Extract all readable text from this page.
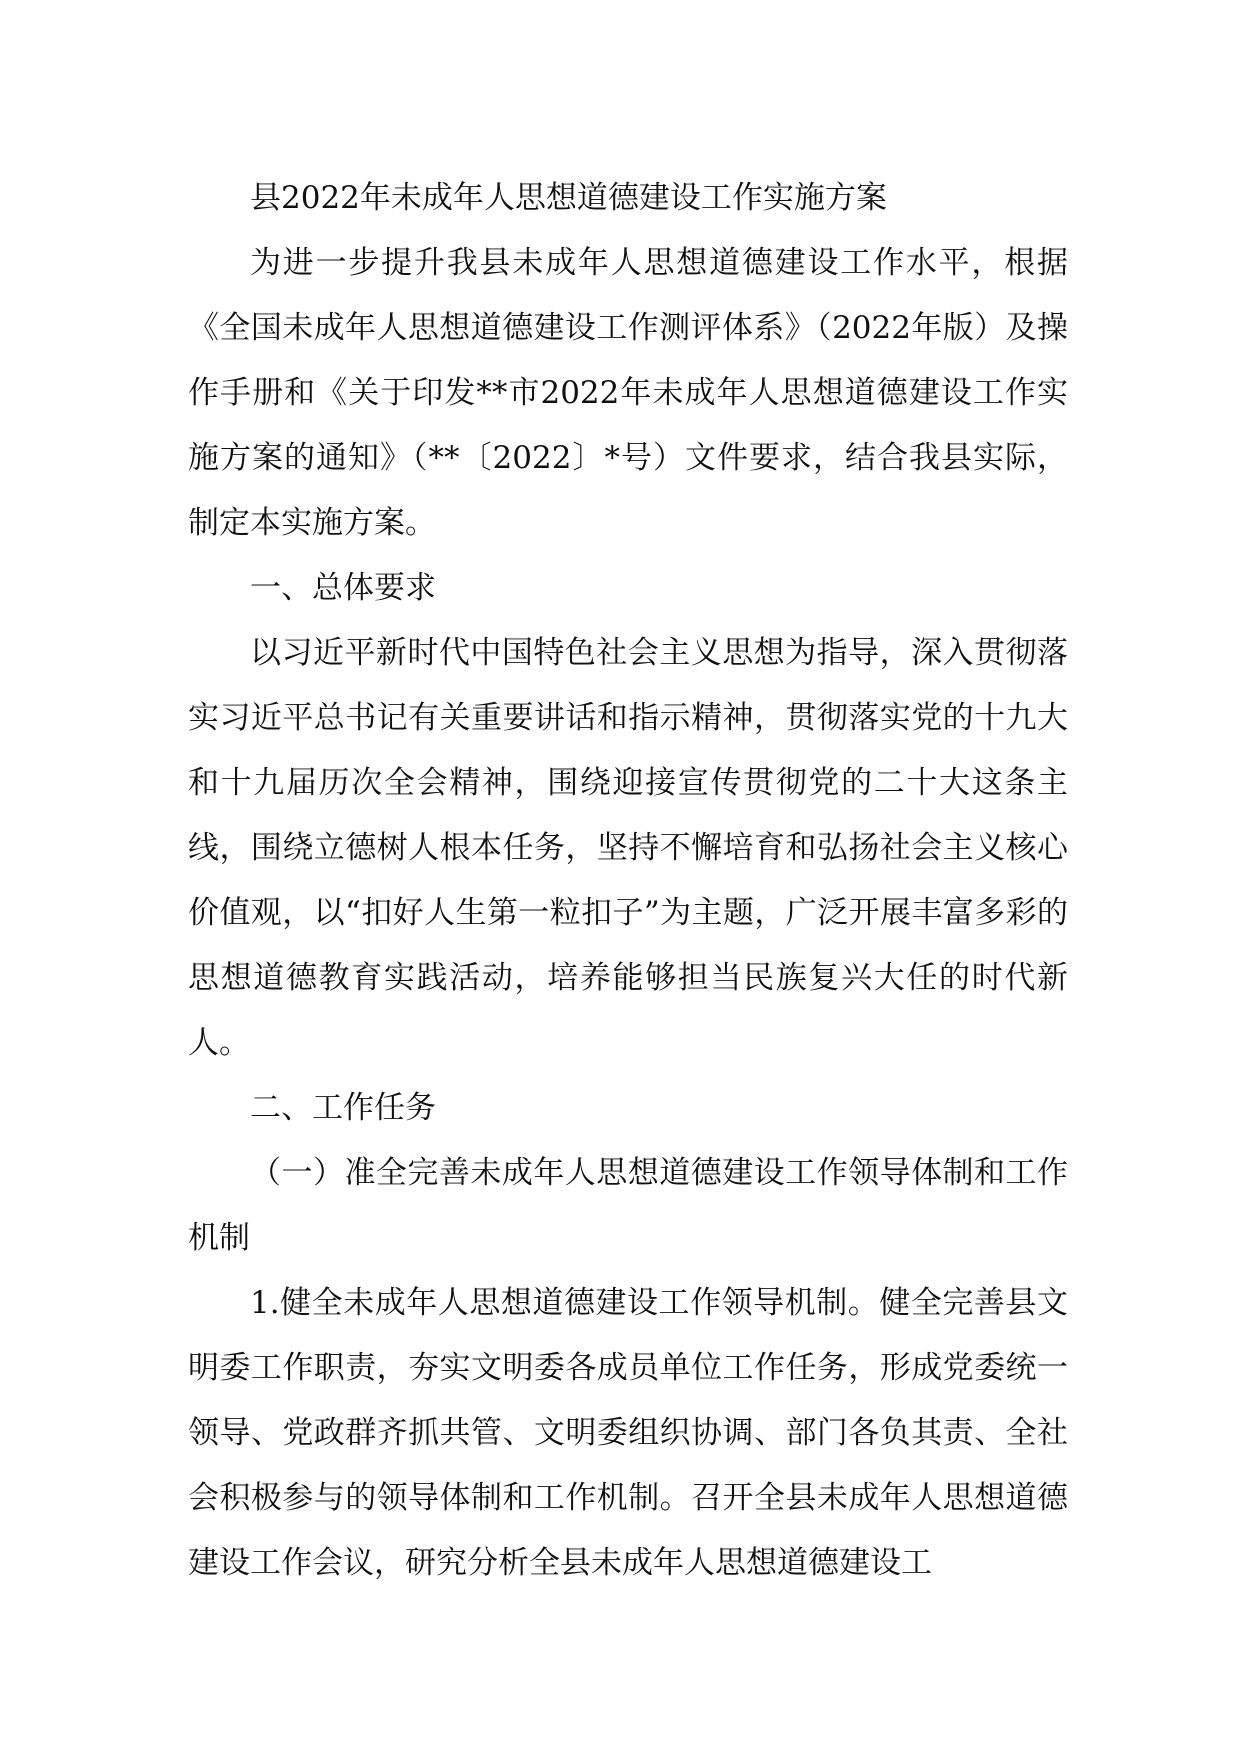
县2022年未成年人思想道德建设工作实施方案

为进一步提升我县未成年人思想道德建设工作水平，根据《全国未成年人思想道德建设工作测评体系》（2022年版）及操作手册和《关于印发**市2022年未成年人思想道德建设工作实施方案的通知》（**〔2022〕*号）文件要求，结合我县实际，制定本实施方案。

一、总体要求

以习近平新时代中国特色社会主义思想为指导，深入贯彻落实习近平总书记有关重要讲话和指示精神，贯彻落实党的十九大和十九届历次全会精神，围绕迎接宣传贯彻党的二十大这条主线，围绕立德树人根本任务，坚持不懈培育和弘扬社会主义核心价值观，以“扣好人生第一粒扣子”为主题，广泛开展丰富多彩的思想道德教育实践活动，培养能够担当民族复兴大任的时代新人。

二、工作任务

（一）准全完善未成年人思想道德建设工作领导体制和工作机制

1.健全未成年人思想道德建设工作领导机制。健全完善县文明委工作职责，夯实文明委各成员单位工作任务，形成党委统一领导、党政群齐抓共管、文明委组织协调、部门各负其责、全社会积极参与的领导体制和工作机制。召开全县未成年人思想道德建设工作会议，研究分析全县未成年人思想道德建设工
